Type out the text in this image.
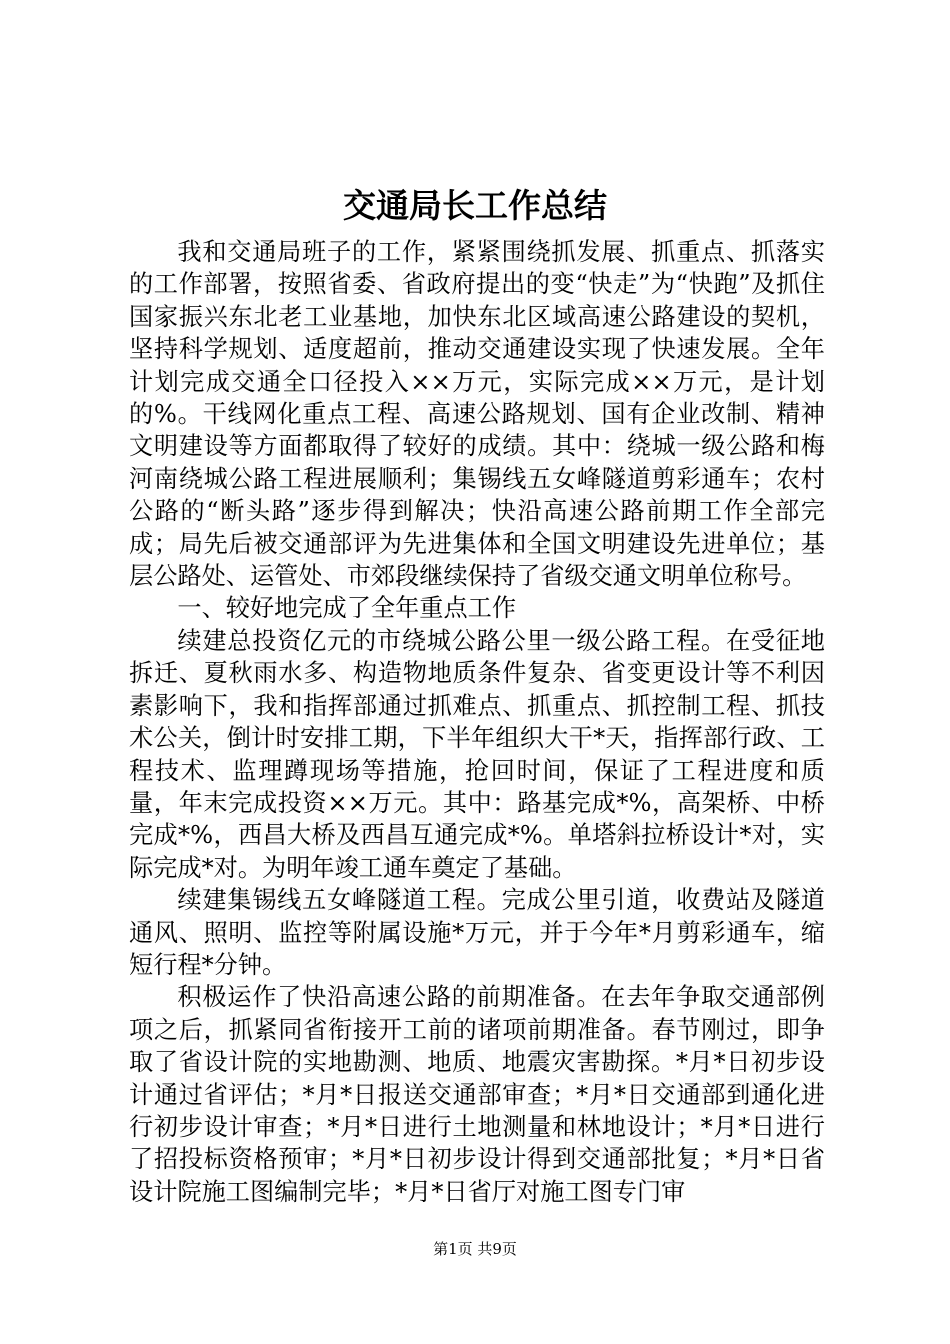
交通局长工作总结

我和交通局班子的工作，紧紧围绕抓发展、抓重点、抓落实的工作部署，按照省委、省政府提出的变“快走”为“快跑”及抓住国家振兴东北老工业基地，加快东北区域高速公路建设的契机，坚持科学规划、适度超前，推动交通建设实现了快速发展。全年计划完成交通全口径投入××万元，实际完成××万元，是计划的%。干线网化重点工程、高速公路规划、国有企业改制、精神文明建设等方面都取得了较好的成绩。其中：绕城一级公路和梅河南绕城公路工程进展顺利；集锡线五女峰隧道剪彩通车；农村公路的“断头路”逐步得到解决；快沿高速公路前期工作全部完成；局先后被交通部评为先进集体和全国文明建设先进单位；基层公路处、运管处、市郊段继续保持了省级交通文明单位称号。

一、较好地完成了全年重点工作

续建总投资亿元的市绕城公路公里一级公路工程。在受征地拆迁、夏秋雨水多、构造物地质条件复杂、省变更设计等不利因素影响下，我和指挥部通过抓难点、抓重点、抓控制工程、抓技术公关，倒计时安排工期，下半年组织大干*天，指挥部行政、工程技术、监理蹲现场等措施，抢回时间，保证了工程进度和质量，年末完成投资××万元。其中：路基完成*%，高架桥、中桥完成*%，西昌大桥及西昌互通完成*%。单塔斜拉桥设计*对，实际完成*对。为明年竣工通车奠定了基础。

续建集锡线五女峰隧道工程。完成公里引道，收费站及隧道通风、照明、监控等附属设施*万元，并于今年*月剪彩通车，缩短行程*分钟。

积极运作了快沿高速公路的前期准备。在去年争取交通部例项之后，抓紧同省衔接开工前的诸项前期准备。春节刚过，即争取了省设计院的实地勘测、地质、地震灾害勘探。*月*日初步设计通过省评估；*月*日报送交通部审查；*月*日交通部到通化进行初步设计审查；*月*日进行土地测量和林地设计；*月*日进行了招投标资格预审；*月*日初步设计得到交通部批复；*月*日省设计院施工图编制完毕；*月*日省厅对施工图专门审

第1页 共9页
